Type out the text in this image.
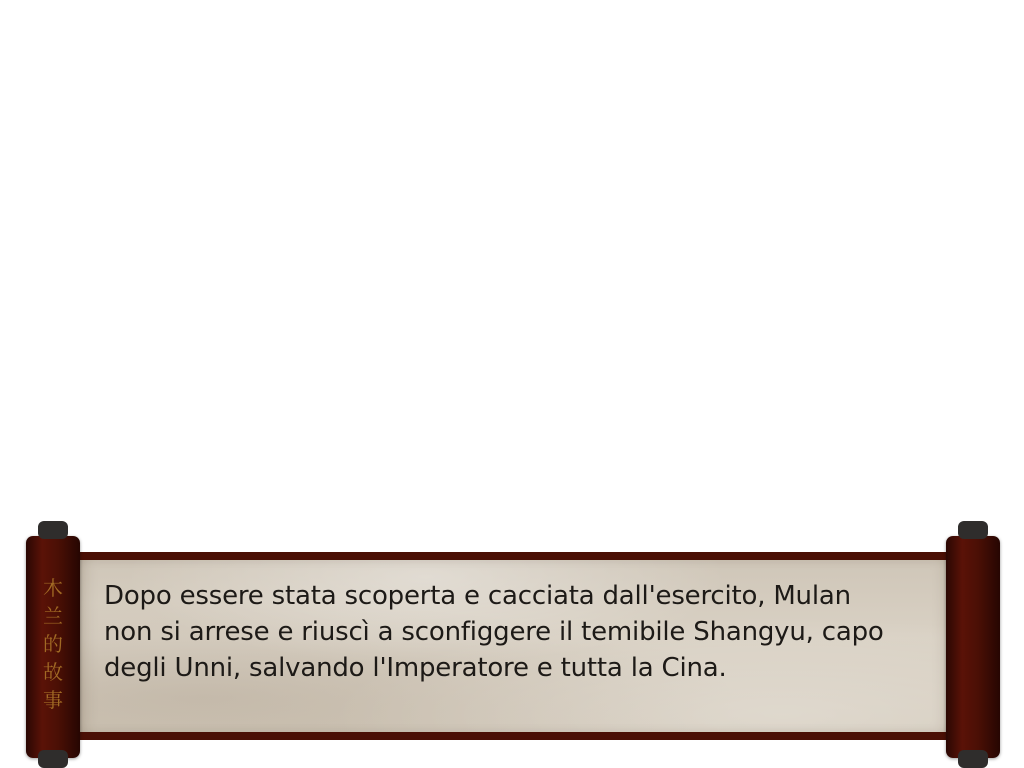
Dopo essere stata scoperta e cacciata dall'esercito, Mulan non si arrese e riuscì a sconfiggere il temibile Shangyu, capo degli Unni, salvando l'Imperatore e tutta la Cina.

木
兰
的
故
事
